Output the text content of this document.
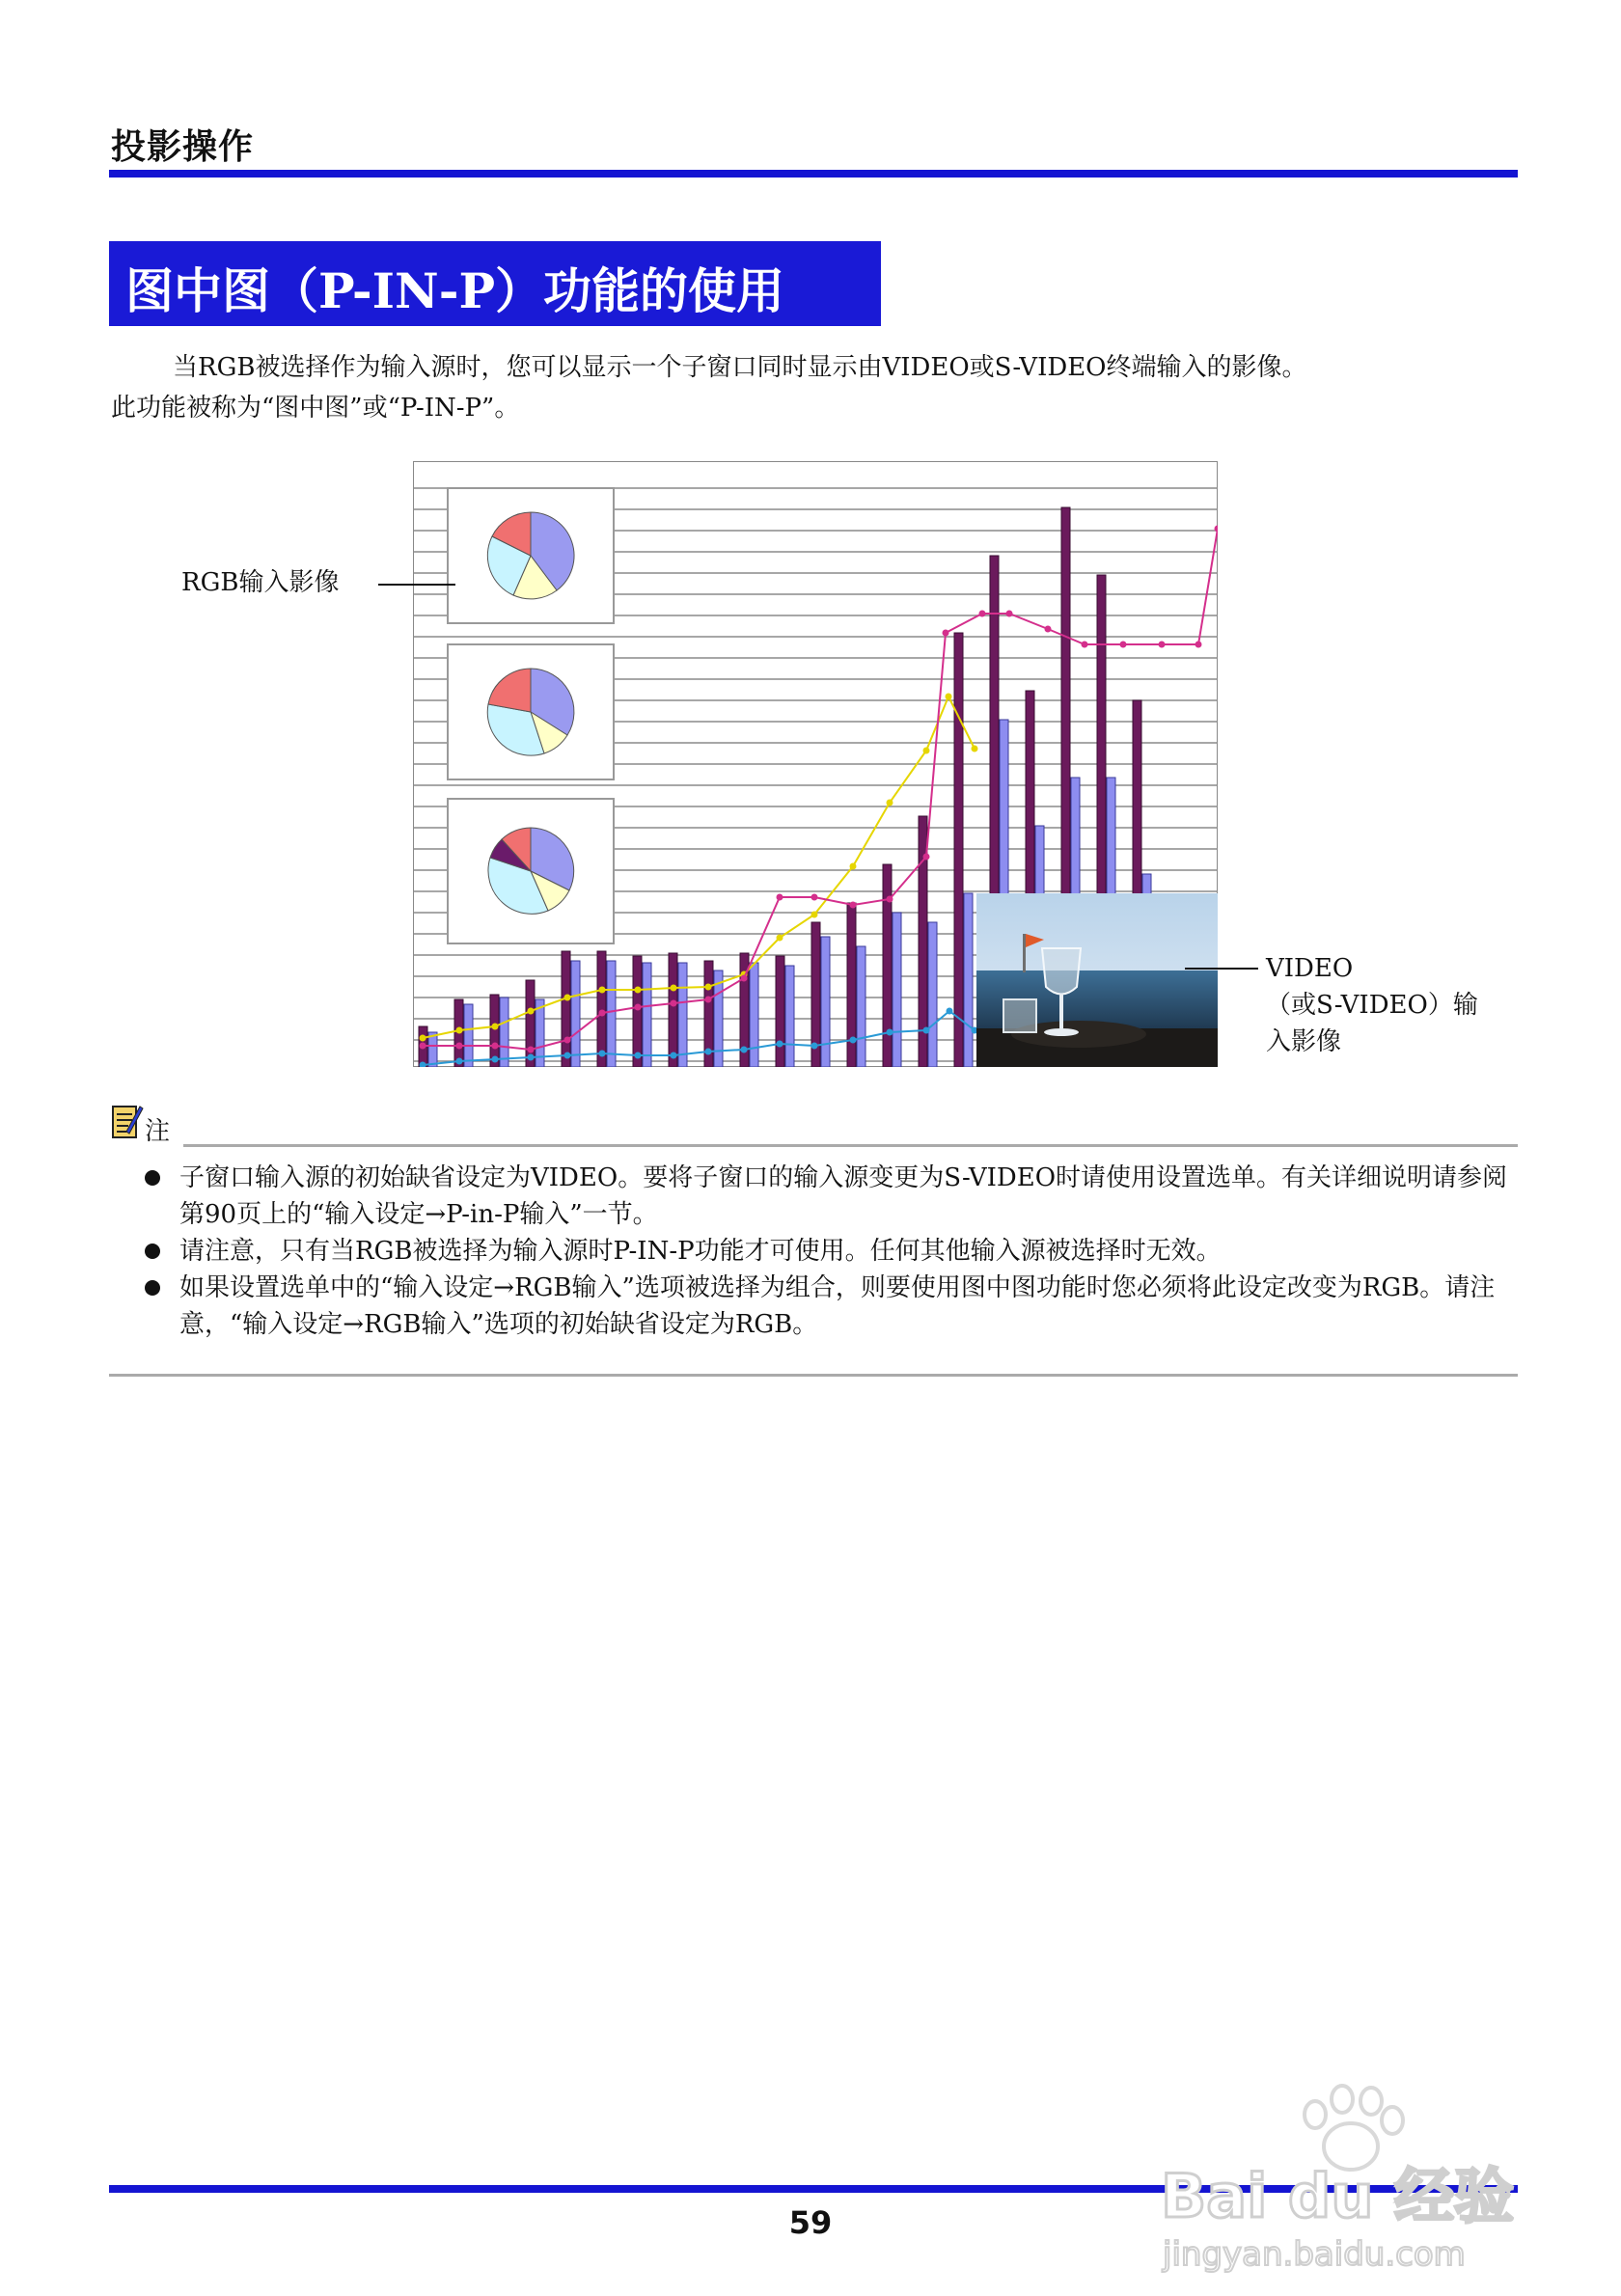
投影操作
图中图（P-IN-P）功能的使用

当RGB被选择作为输入源时，您可以显示一个子窗口同时显示由VIDEO或S-VIDEO终端输入的影像。

此功能被称为“图中图”或“P-IN-P”。

RGB输入影像
VIDEO
（或S-VIDEO）输
入影像
注
子窗口输入源的初始缺省设定为VIDEO。要将子窗口的输入源变更为S-VIDEO时请使用设置选单。有关详细说明请参阅第90页上的“输入设定→P-in-P输入”一节。
请注意，只有当RGB被选择为输入源时P-IN-P功能才可使用。任何其他输入源被选择时无效。
如果设置选单中的“输入设定→RGB输入”选项被选择为组合，则要使用图中图功能时您必须将此设定改变为RGB。请注意，“输入设定→RGB输入”选项的初始缺省设定为RGB。
59	Bai du 经验
jingyan.baidu.com
